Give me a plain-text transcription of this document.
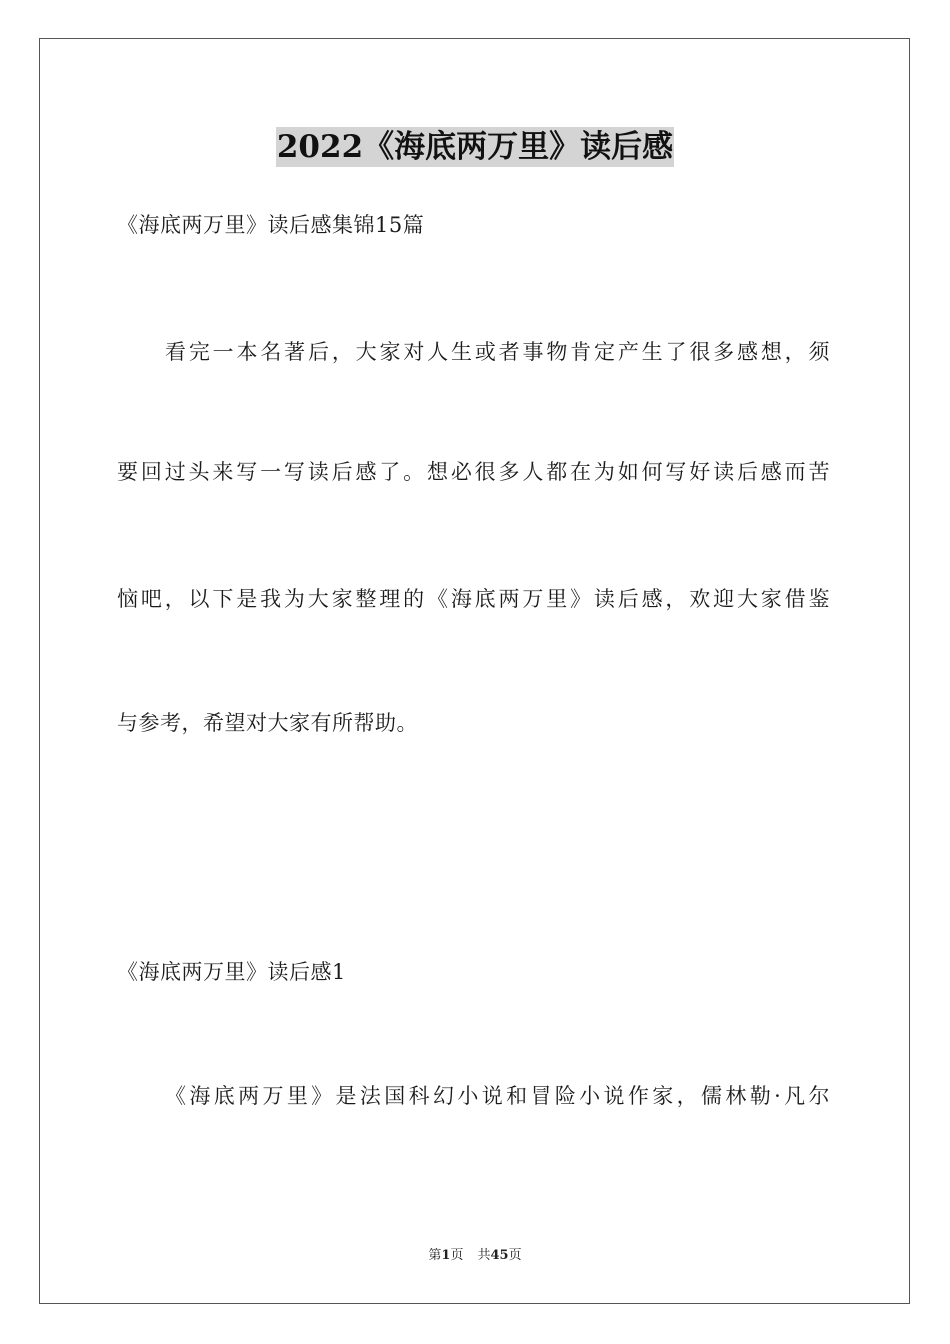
2022《海底两万里》读后感
《海底两万里》读后感集锦15篇
看完一本名著后，大家对人生或者事物肯定产生了很多感想，须
要回过头来写一写读后感了。想必很多人都在为如何写好读后感而苦
恼吧，以下是我为大家整理的《海底两万里》读后感，欢迎大家借鉴
与参考，希望对大家有所帮助。
《海底两万里》读后感1
《海底两万里》是法国科幻小说和冒险小说作家，儒林勒·凡尔
第1页 共45页
